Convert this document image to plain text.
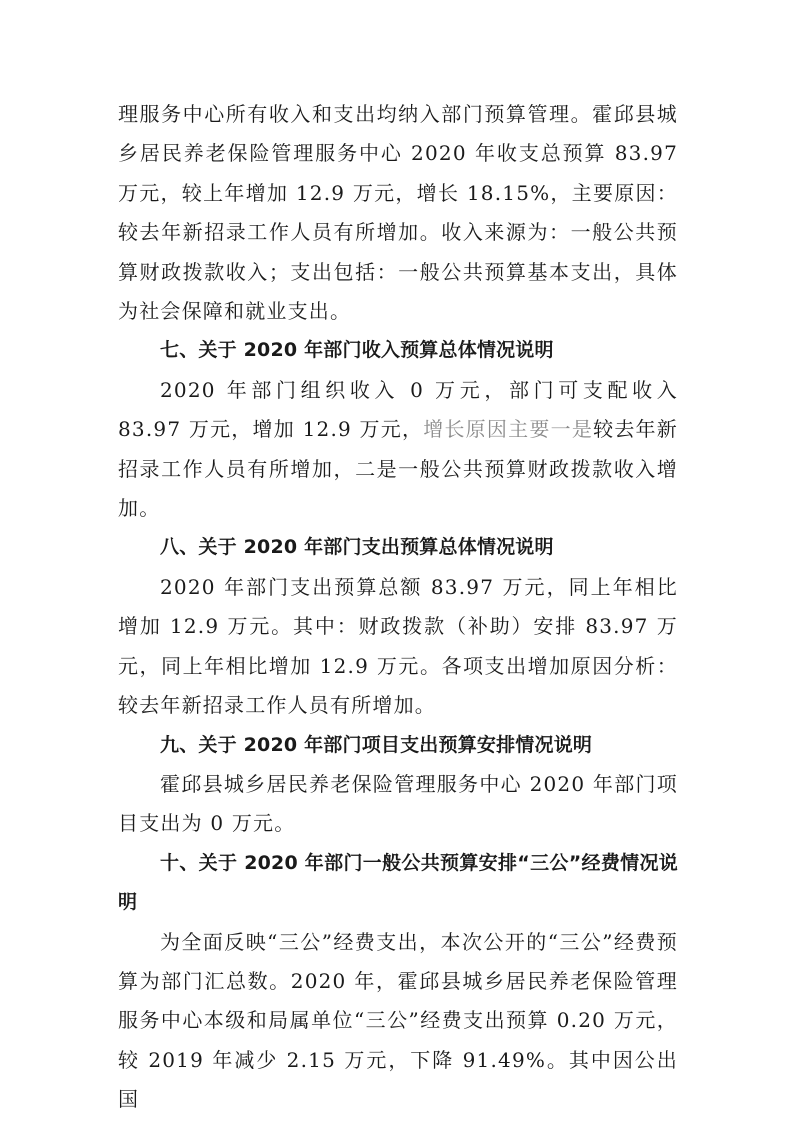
理服务中心所有收入和支出均纳入部门预算管理。霍邱县城乡居民养老保险管理服务中心 2020 年收支总预算 83.97 万元，较上年增加 12.9 万元，增长 18.15%，主要原因：较去年新招录工作人员有所增加。收入来源为：一般公共预算财政拨款收入；支出包括：一般公共预算基本支出，具体为社会保障和就业支出。

七、关于 2020 年部门收入预算总体情况说明

2020 年部门组织收入 0 万元，部门可支配收入 83.97 万元，增加 12.9 万元，增长原因主要一是较去年新招录工作人员有所增加，二是一般公共预算财政拨款收入增加。

八、关于 2020 年部门支出预算总体情况说明

2020 年部门支出预算总额 83.97 万元，同上年相比增加 12.9 万元。其中：财政拨款（补助）安排 83.97 万元，同上年相比增加 12.9 万元。各项支出增加原因分析：较去年新招录工作人员有所增加。

九、关于 2020 年部门项目支出预算安排情况说明

霍邱县城乡居民养老保险管理服务中心 2020 年部门项目支出为 0 万元。

十、关于 2020 年部门一般公共预算安排“三公”经费情况说明

为全面反映“三公”经费支出，本次公开的“三公”经费预算为部门汇总数。2020 年，霍邱县城乡居民养老保险管理服务中心本级和局属单位“三公”经费支出预算 0.20 万元，较 2019 年减少 2.15 万元，下降 91.49%。其中因公出国
